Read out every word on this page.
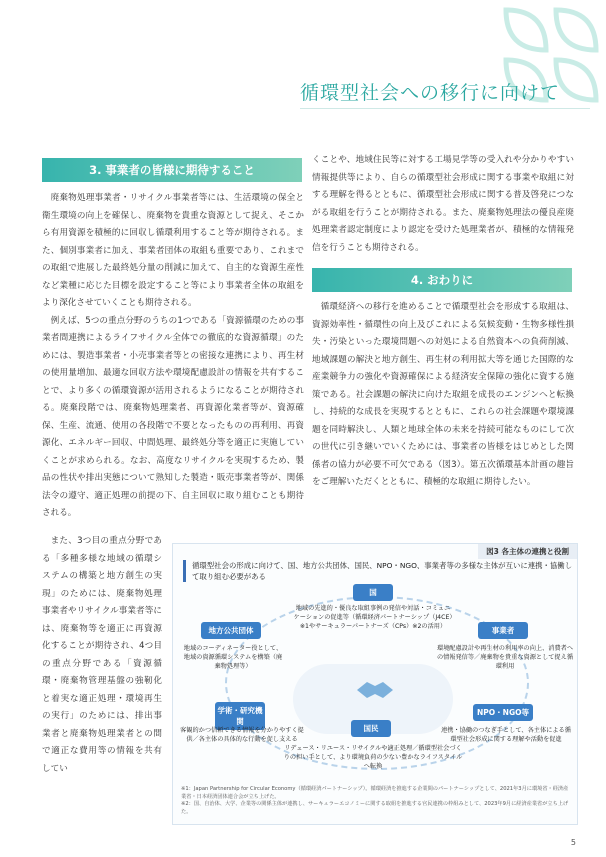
循環型社会への移行に向けて
3. 事業者の皆様に期待すること

廃棄物処理事業者・リサイクル事業者等には、生活環境の保全と衛生環境の向上を確保し、廃棄物を貴重な資源として捉え、そこから有用資源を積極的に回収し循環利用すること等が期待される。また、個別事業者に加え、事業者団体の取組も重要であり、これまでの取組で進展した最終処分量の削減に加えて、自主的な資源生産性など業種に応じた目標を設定すること等により事業者全体の取組をより深化させていくことも期待される。

例えば、5つの重点分野のうちの1つである「資源循環のための事業者間連携によるライフサイクル全体での徹底的な資源循環」のためには、製造事業者・小売事業者等との密接な連携により、再生材の使用量増加、最適な回収方法や環境配慮設計の情報を共有することで、より多くの循環資源が活用されるようになることが期待される。廃棄段階では、廃棄物処理業者、再資源化業者等が、資源確保、生産、流通、使用の各段階で不要となったものの再利用、再資源化、エネルギー回収、中間処理、最終処分等を適正に実施していくことが求められる。なお、高度なリサイクルを実現するため、製品の性状や排出実態について熟知した製造・販売事業者等が、関係法令の遵守、適正処理の前提の下、自主回収に取り組むことも期待される。

また、3つ目の重点分野である「多種多様な地域の循環システムの構築と地方創生の実現」のためには、廃棄物処理事業者やリサイクル事業者等には、廃棄物等を適正に再資源化することが期待され、4つ目の重点分野である「資源循環・廃棄物管理基盤の強靭化と着実な適正処理・環境再生の実行」のためには、排出事業者と廃棄物処理業者との間で適正な費用等の情報を共有してい

くことや、地域住民等に対する工場見学等の受入れや分かりやすい情報提供等により、自らの循環型社会形成に関する事業や取組に対する理解を得るとともに、循環型社会形成に関する普及啓発につながる取組を行うことが期待される。また、廃棄物処理法の優良産廃処理業者認定制度により認定を受けた処理業者が、積極的な情報発信を行うことも期待される。

4. おわりに

循環経済への移行を進めることで循環型社会を形成する取組は、資源効率性・循環性の向上及びこれによる気候変動・生物多様性損失・汚染といった環境問題への対処による自然資本への負荷削減、地域課題の解決と地方創生、再生材の利用拡大等を通じた国際的な産業競争力の強化や資源確保による経済安全保障の強化に資する施策である。社会課題の解決に向けた取組を成長のエンジンへと転換し、持続的な成長を実現するとともに、これらの社会課題や環境課題を同時解決し、人類と地球全体の未来を持続可能なものにして次の世代に引き継いでいくためには、事業者の皆様をはじめとした関係者の協力が必要不可欠である（図3）。第五次循環基本計画の趣旨をご理解いただくとともに、積極的な取組に期待したい。

図3 各主体の連携と役割
循環型社会の形成に向けて、国、地方公共団体、国民、NPO・NGO、事業者等の多様な主体が互いに連携・協働して取り組む必要がある
国
地域の先進的・優良な取組事例の発信や対話・コミュニケーションの促進等（循環経済パートナーシップ（J4CE）※1やサーキュラーパートナーズ（CPs）※2の活用）
地方公共団体
地域のコーディネーター役として、地域の資源循環システムを構築（廃棄物処理等）
事業者
環境配慮設計や再生材の利用率の向上、消費者への情報発信等／廃棄物を貴重な資源として捉え循環利用
学術・研究機関
客観的かつ信頼できる情報を分かりやすく提供／各主体の具体的な行動を促し支える
NPO・NGO等
連携・協働のつなぎ手として、各主体による循環型社会形成に関する理解や活動を促進
国民
リデュース・リユース・リサイクルや適正処理／循環型社会づくりの担い手として、より環境負荷の少ない豊かなライフスタイルへ転換
※1：Japan Partnership for Circular Economy（循環経済パートナーシップ）。循環経済を推進する企業間のパートナーシップとして、2021年3月に環境省・経済産業省・日本経済団体連合会が立ち上げた。
※2：国、自治体、大学、企業等の関係主体が連携し、サーキュラーエコノミーに関する取組を推進する官民連携の枠組みとして、2023年9月に経済産業省が立ち上げた。
5
